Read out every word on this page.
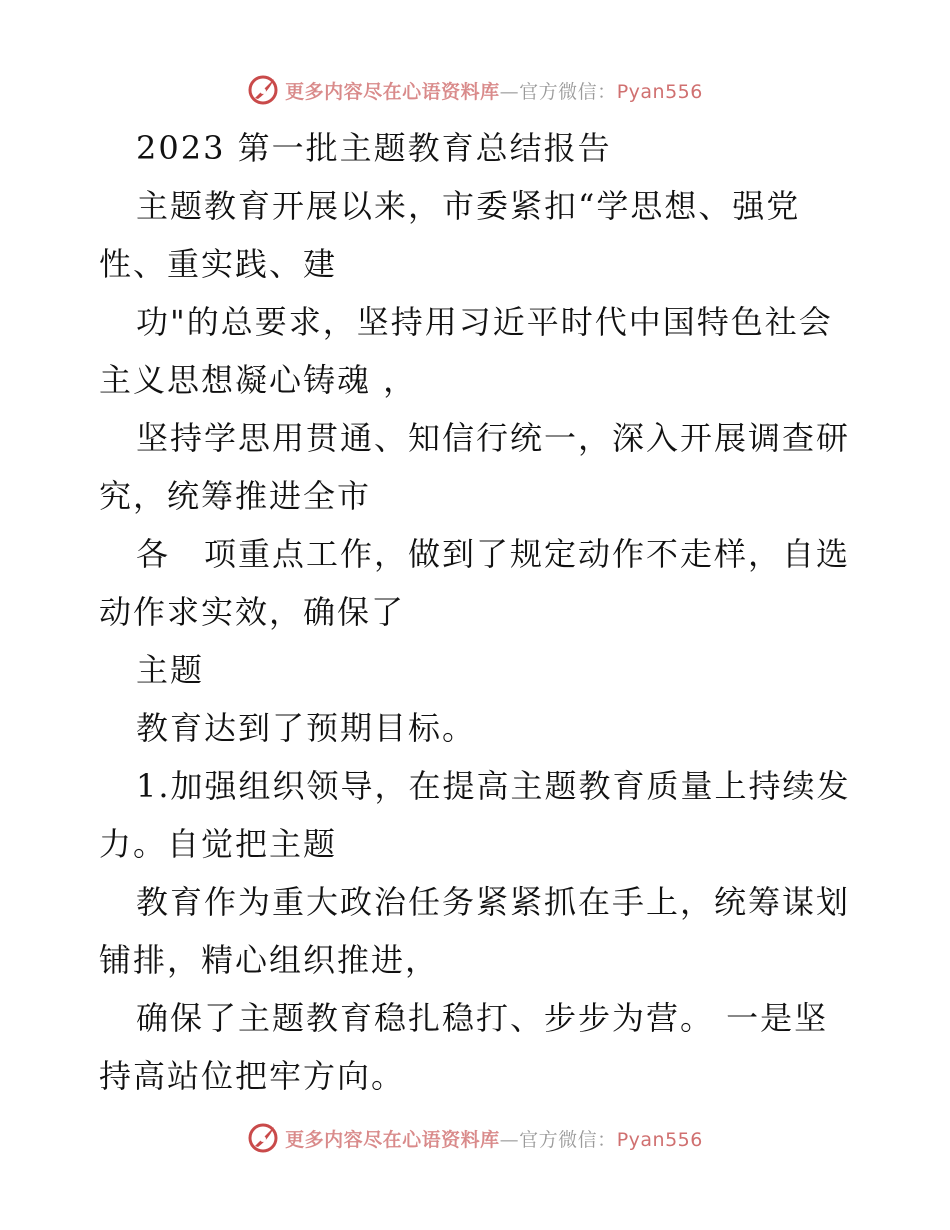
更多内容尽在心语资料库—官方微信：Pyan556
2023 第一批主题教育总结报告
主题教育开展以来，市委紧扣“学思想、强党
性、重实践、建
功"的总要求，坚持用习近平时代中国特色社会
主义思想凝心铸魂 ，
坚持学思用贯通、知信行统一，深入开展调查研
究，统筹推进全市
各　项重点工作，做到了规定动作不走样，自选
动作求实效，确保了
主题
教育达到了预期目标。
1.加强组织领导，在提高主题教育质量上持续发
力。自觉把主题
教育作为重大政治任务紧紧抓在手上，统筹谋划
铺排，精心组织推进，
确保了主题教育稳扎稳打、步步为营。 一是坚
持高站位把牢方向。
更多内容尽在心语资料库—官方微信：Pyan556
